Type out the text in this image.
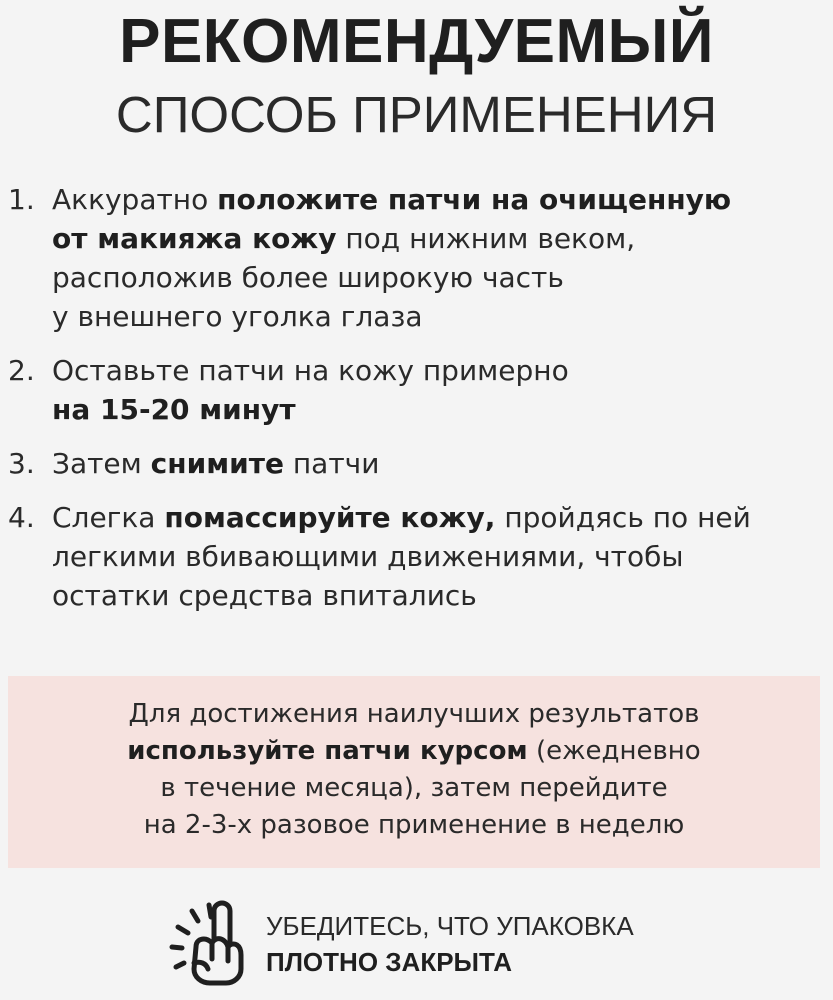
РЕКОМЕНДУЕМЫЙ
СПОСОБ ПРИМЕНЕНИЯ
1. Аккуратно положите патчи на очищенную
от макияжа кожу под нижним веком,
расположив более широкую часть
у внешнего уголка глаза
2. Оставьте патчи на кожу примерно
на 15-20 минут
3. Затем снимите патчи
4. Слегка помассируйте кожу, пройдясь по ней
легкими вбивающими движениями, чтобы
остатки средства впитались
Для достижения наилучших результатов
используйте патчи курсом (ежедневно
в течение месяца), затем перейдите
на 2-3-х разовое применение в неделю
УБЕДИТЕСЬ, ЧТО УПАКОВКА
ПЛОТНО ЗАКРЫТА
